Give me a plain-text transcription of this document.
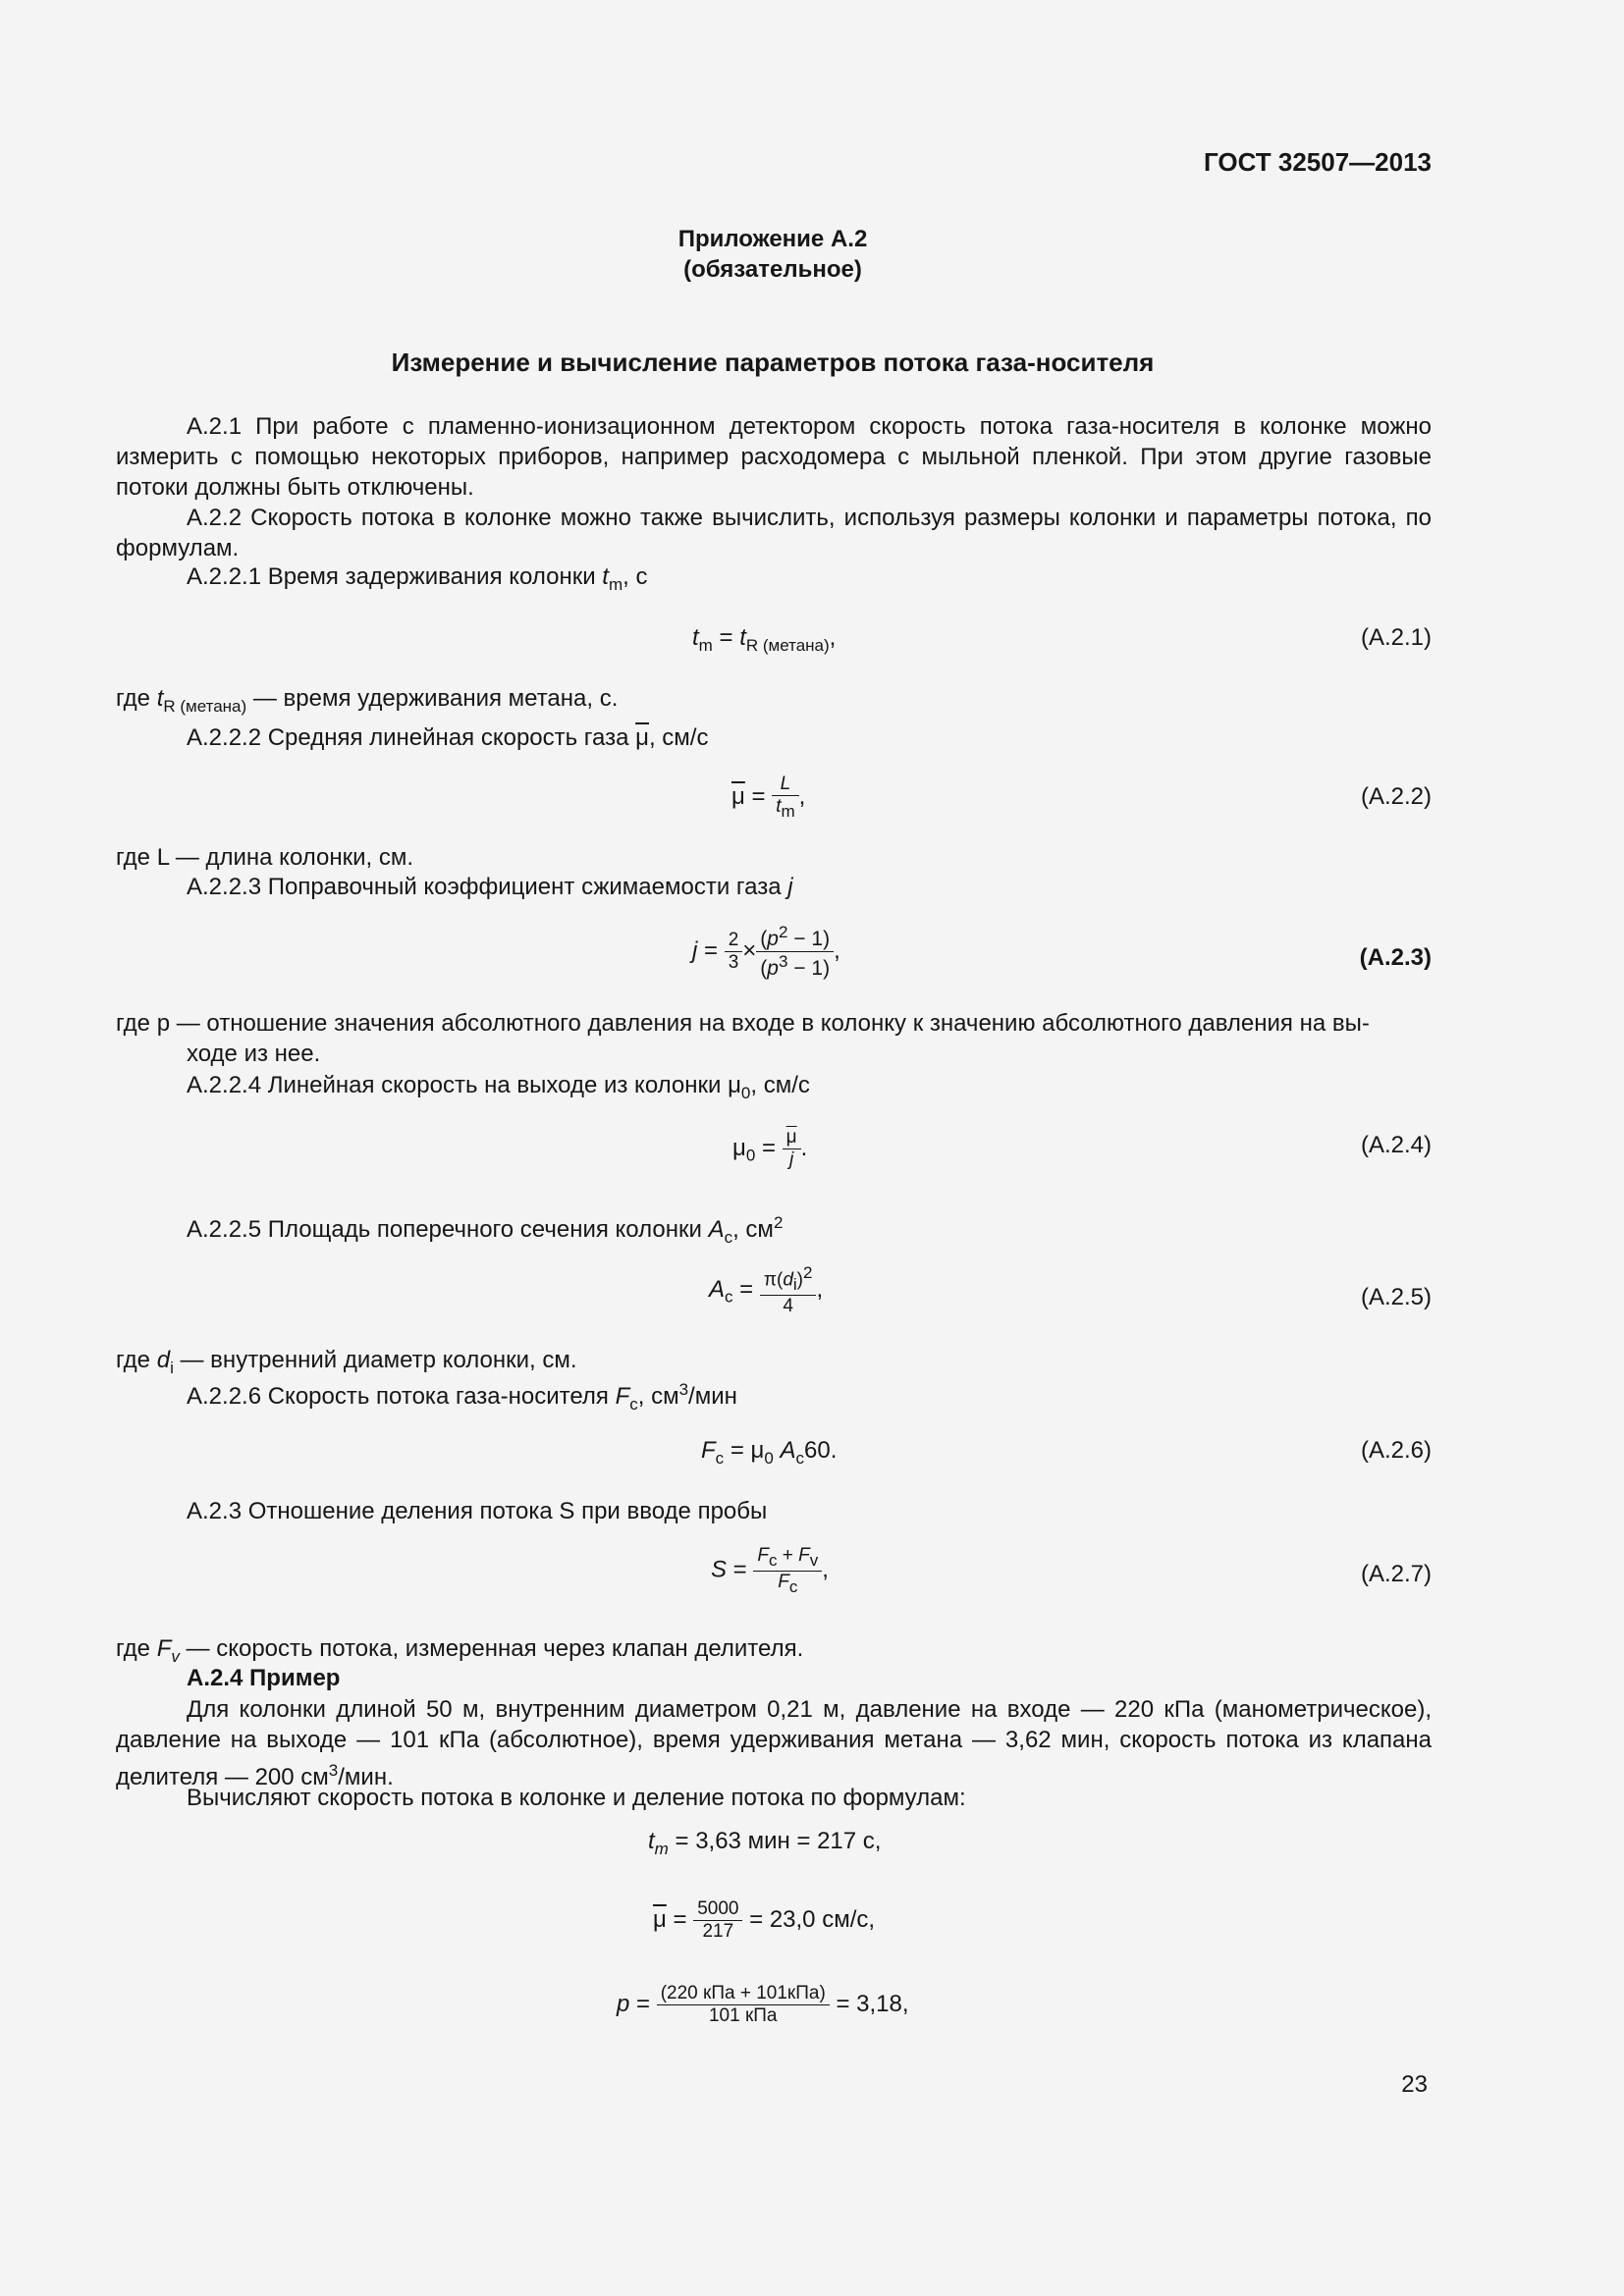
ГОСТ 32507—2013
Приложение А.2
(обязательное)
Измерение и вычисление параметров потока газа-носителя
А.2.1 При работе с пламенно-ионизационном детектором скорость потока газа-носителя в колонке можно измерить с помощью некоторых приборов, например расходомера с мыльной пленкой. При этом другие газовые потоки должны быть отключены.
А.2.2 Скорость потока в колонке можно также вычислить, используя размеры колонки и параметры потока, по формулам.
А.2.2.1 Время задерживания колонки $t_m$, с
$t_m = t_{R (метана)}$,	(А.2.1)
где $t_{R (метана)}$ — время удерживания метана, с.
А.2.2.2 Средняя линейная скорость газа $\overline{\mu}$, см/с
$\overline{\mu} = \frac{L}{t_m}$ ,	(А.2.2)
где L — длина колонки, см.
А.2.2.3 Поправочный коэффициент сжимаемости газа j
$j = \frac{2}{3} \times \frac{(p^2 - 1)}{(p^3 - 1)}$ ,	(А.2.3)
где p — отношение значения абсолютного давления на входе в колонку к значению абсолютного давления на вы-
ходе из нее.
А.2.2.4 Линейная скорость на выходе из колонки $\mu_0$, см/с
$\mu_0 = \frac{\overline{\mu}}{j}$ .	(А.2.4)
А.2.2.5 Площадь поперечного сечения колонки $A_c$, $см^2$
$A_c = \frac{\pi(d_i)^2}{4}$ ,	(А.2.5)
где $d_i$ — внутренний диаметр колонки, см.
А.2.2.6 Скорость потока газа-носителя $F_c$, $см^3$/мин
$F_c = \mu_0$ $A_c60$.	(А.2.6)
А.2.3 Отношение деления потока S при вводе пробы
$S = \frac{F_c + F_v}{F_c}$ ,	(А.2.7)
где $F_v$ — скорость потока, измеренная через клапан делителя.
А.2.4 Пример
Для колонки длиной 50 м, внутренним диаметром 0,21 м, давление на входе — 220 кПа (манометрическое), давление на выходе — 101 кПа (абсолютное), время удерживания метана — 3,62 мин, скорость потока из клапана делителя — 200 $см^3$/мин.
Вычисляют скорость потока в колонке и деление потока по формулам:
$t_m = 3,63$ мин = 217 с,
$\overline{\mu} = \frac{5000}{217} = 23,0$ см/с,
$p = \frac{\text{(220 кПа + 101кПа)}}{\text{101 кПа}} = 3,18$,
23
